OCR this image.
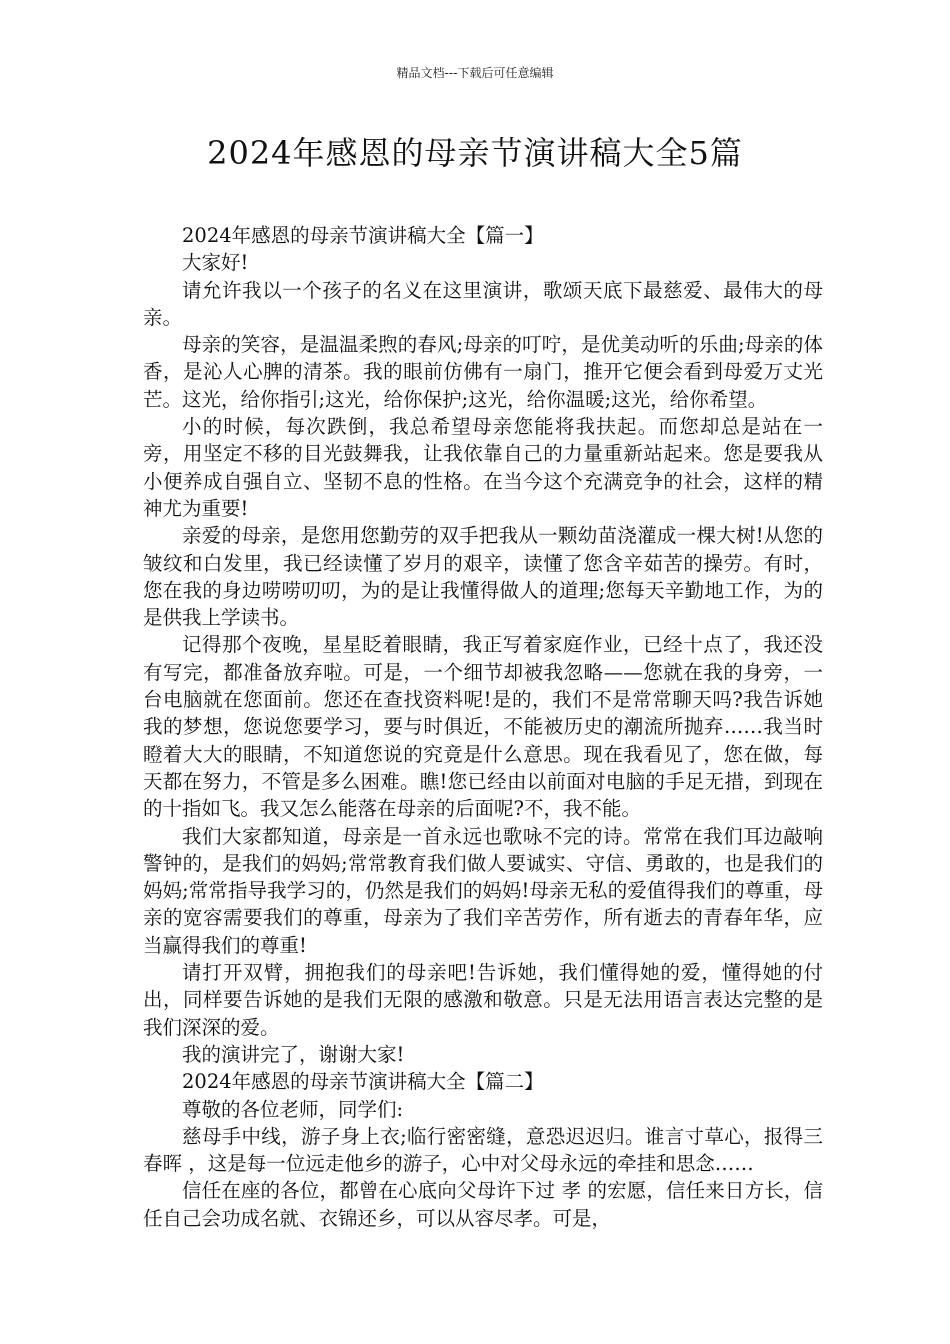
精品文档---下载后可任意编辑
2024年感恩的母亲节演讲稿大全5篇

2024年感恩的母亲节演讲稿大全【篇一】

大家好!

请允许我以一个孩子的名义在这里演讲，歌颂天底下最慈爱、最伟大的母亲。

母亲的笑容，是温温柔煦的春风;母亲的叮咛，是优美动听的乐曲;母亲的体香，是沁人心脾的清茶。我的眼前仿佛有一扇门，推开它便会看到母爱万丈光芒。这光，给你指引;这光，给你保护;这光，给你温暖;这光，给你希望。

小的时候，每次跌倒，我总希望母亲您能将我扶起。而您却总是站在一旁，用坚定不移的目光鼓舞我，让我依靠自己的力量重新站起来。您是要我从小便养成自强自立、坚韧不息的性格。在当今这个充满竞争的社会，这样的精神尤为重要!

亲爱的母亲，是您用您勤劳的双手把我从一颗幼苗浇灌成一棵大树!从您的皱纹和白发里，我已经读懂了岁月的艰辛，读懂了您含辛茹苦的操劳。有时，您在我的身边唠唠叨叨，为的是让我懂得做人的道理;您每天辛勤地工作，为的是供我上学读书。

记得那个夜晚，星星眨着眼睛，我正写着家庭作业，已经十点了，我还没有写完，都准备放弃啦。可是，一个细节却被我忽略——您就在我的身旁，一台电脑就在您面前。您还在查找资料呢!是的，我们不是常常聊天吗?我告诉她我的梦想，您说您要学习，要与时俱近，不能被历史的潮流所抛弃……我当时瞪着大大的眼睛，不知道您说的究竟是什么意思。现在我看见了，您在做，每天都在努力，不管是多么困难。瞧!您已经由以前面对电脑的手足无措，到现在的十指如飞。我又怎么能落在母亲的后面呢?不，我不能。

我们大家都知道，母亲是一首永远也歌咏不完的诗。常常在我们耳边敲响警钟的，是我们的妈妈;常常教育我们做人要诚实、守信、勇敢的，也是我们的妈妈;常常指导我学习的，仍然是我们的妈妈!母亲无私的爱值得我们的尊重，母亲的宽容需要我们的尊重，母亲为了我们辛苦劳作，所有逝去的青春年华，应当赢得我们的尊重!

请打开双臂，拥抱我们的母亲吧!告诉她，我们懂得她的爱，懂得她的付出，同样要告诉她的是我们无限的感激和敬意。只是无法用语言表达完整的是我们深深的爱。

我的演讲完了，谢谢大家!

2024年感恩的母亲节演讲稿大全【篇二】

尊敬的各位老师，同学们:

慈母手中线，游子身上衣;临行密密缝，意恐迟迟归。谁言寸草心，报得三春晖 ，这是每一位远走他乡的游子，心中对父母永远的牵挂和思念……

信任在座的各位，都曾在心底向父母许下过 孝 的宏愿，信任来日方长，信任自己会功成名就、衣锦还乡，可以从容尽孝。可是，
